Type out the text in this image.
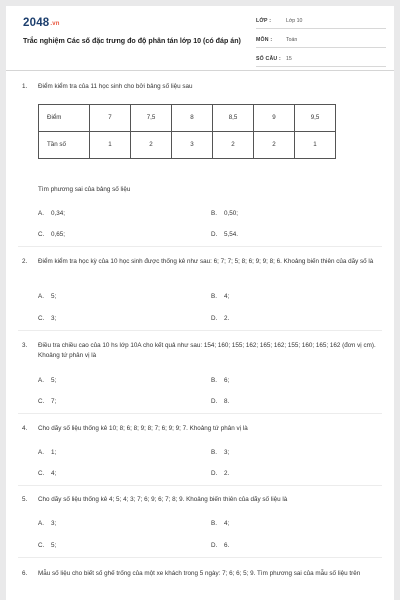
2048.vn
Trắc nghiệm Các số đặc trưng đo độ phân tán lớp 10 (có đáp án)
LỚP :	Lớp 10
MÔN :	Toán
SỐ CÂU : 15
1. Điểm kiểm tra của 11 học sinh cho bởi bảng số liệu sau
Điểm	7	7,5	8	8,5	9	9,5
Tần số	1	2	3	2	2	1
Tìm phương sai của bảng số liệu
A. 0,34;	B. 0,50;
C. 0,65;	D. 5,54.
2. Điểm kiểm tra học kỳ của 10 học sinh được thống kê như sau: 6; 7; 7; 5; 8; 6; 9; 9; 8; 6. Khoảng biến thiên của dãy số là
A. 5;	B. 4;
C. 3;	D. 2.
3. Điều tra chiều cao của 10 hs lớp 10A cho kết quả như sau: 154; 160; 155; 162; 165; 162; 155; 160; 165; 162 (đơn vị cm). Khoảng tứ phân vị là
A. 5;	B. 6;
C. 7;	D. 8.
4. Cho dãy số liệu thống kê 10; 8; 6; 8; 9; 8; 7; 6; 9; 9; 7. Khoảng tứ phân vị là
A. 1;	B. 3;
C. 4;	D. 2.
5. Cho dãy số liệu thống kê 4; 5; 4; 3; 7; 6; 9; 6; 7; 8; 9. Khoảng biến thiên của dãy số liệu là
A. 3;	B. 4;
C. 5;	D. 6.
6. Mẫu số liệu cho biết số ghế trống của một xe khách trong 5 ngày: 7; 6; 6; 5; 9. Tìm phương sai của mẫu số liệu trên
